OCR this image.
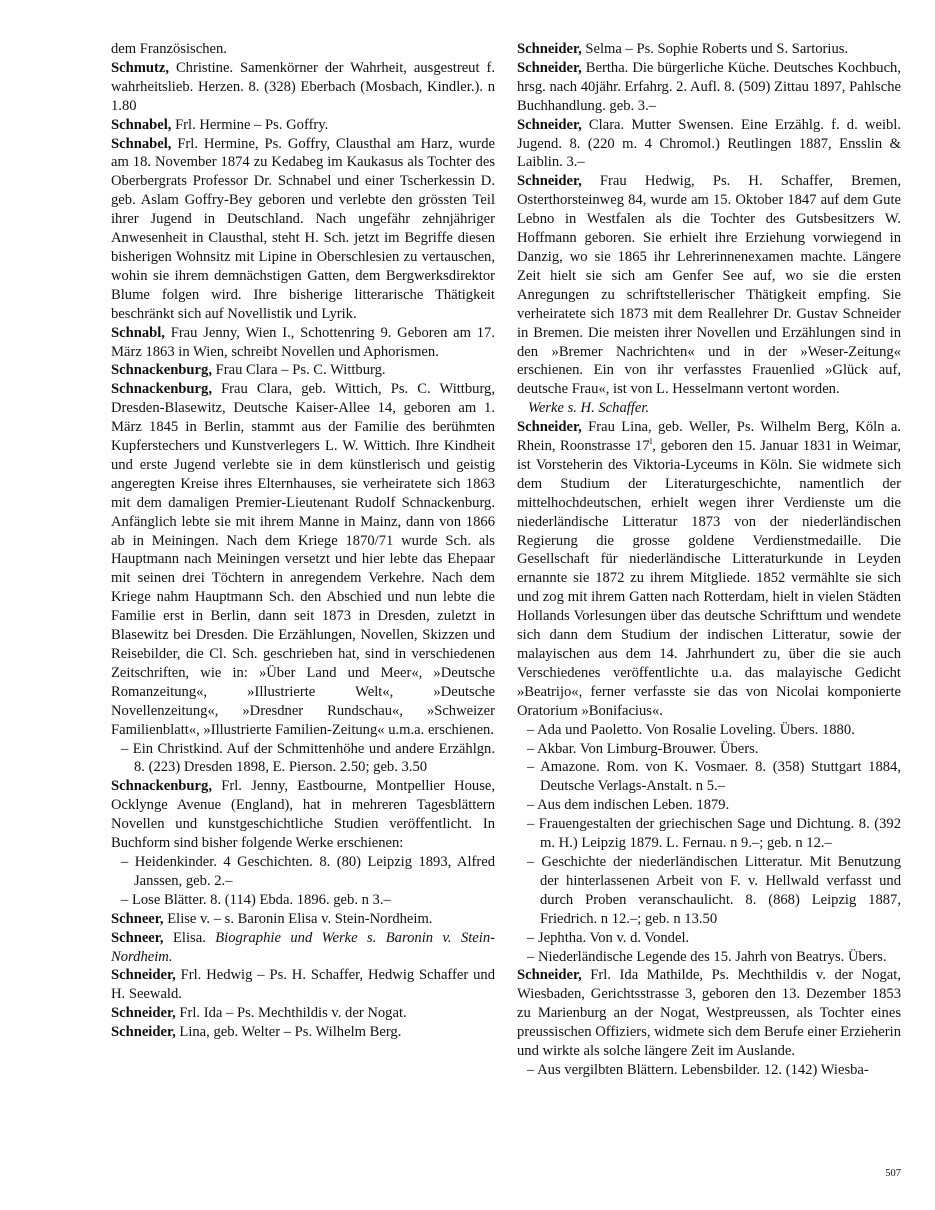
dem Französischen.

Schmutz, Christine. Samenkörner der Wahrheit, ausgestreut f. wahrheitslieb. Herzen. 8. (328) Eberbach (Mosbach, Kindler.). n 1.80

Schnabel, Frl. Hermine – Ps. Goffry.

Schnabel, Frl. Hermine, Ps. Goffry, Clausthal am Harz, wurde am 18. November 1874 zu Kedabeg im Kaukasus als Tochter des Oberbergrats Professor Dr. Schnabel und einer Tscherkessin D. geb. Aslam Goffry-Bey geboren und verlebte den grössten Teil ihrer Jugend in Deutschland. Nach ungefähr zehnjähriger Anwesenheit in Clausthal, steht H. Sch. jetzt im Begriffe diesen bisherigen Wohnsitz mit Lipine in Oberschlesien zu vertauschen, wohin sie ihrem demnächstigen Gatten, dem Bergwerksdirektor Blume folgen wird. Ihre bisherige litterarische Thätigkeit beschränkt sich auf Novellistik und Lyrik.

Schnabl, Frau Jenny, Wien I., Schottenring 9. Geboren am 17. März 1863 in Wien, schreibt Novellen und Aphorismen.

Schnackenburg, Frau Clara – Ps. C. Wittburg.

Schnackenburg, Frau Clara, geb. Wittich, Ps. C. Wittburg, Dresden-Blasewitz, Deutsche Kaiser-Allee 14, geboren am 1. März 1845 in Berlin, stammt aus der Familie des berühmten Kupferstechers und Kunstverlegers L. W. Wittich. Ihre Kindheit und erste Jugend verlebte sie in dem künstlerisch und geistig angeregten Kreise ihres Elternhauses, sie verheiratete sich 1863 mit dem damaligen Premier-Lieutenant Rudolf Schnackenburg. Anfänglich lebte sie mit ihrem Manne in Mainz, dann von 1866 ab in Meiningen. Nach dem Kriege 1870/71 wurde Sch. als Hauptmann nach Meiningen versetzt und hier lebte das Ehepaar mit seinen drei Töchtern in anregendem Verkehre. Nach dem Kriege nahm Hauptmann Sch. den Abschied und nun lebte die Familie erst in Berlin, dann seit 1873 in Dresden, zuletzt in Blasewitz bei Dresden. Die Erzählungen, Novellen, Skizzen und Reisebilder, die Cl. Sch. geschrieben hat, sind in verschiedenen Zeitschriften, wie in: »Über Land und Meer«, »Deutsche Romanzeitung«, »Illustrierte Welt«, »Deutsche Novellenzeitung«, »Dresdner Rundschau«, »Schweizer Familienblatt«, »Illustrierte Familien-Zeitung« u.m.a. erschienen.

– Ein Christkind. Auf der Schmittenhöhe und andere Erzählgn. 8. (223) Dresden 1898, E. Pierson. 2.50; geb. 3.50

Schnackenburg, Frl. Jenny, Eastbourne, Montpellier House, Ocklynge Avenue (England), hat in mehreren Tagesblättern Novellen und kunstgeschichtliche Studien veröffentlicht. In Buchform sind bisher folgende Werke erschienen:

– Heidenkinder. 4 Geschichten. 8. (80) Leipzig 1893, Alfred Janssen, geb. 2.–

– Lose Blätter. 8. (114) Ebda. 1896. geb. n 3.–

Schneer, Elise v. – s. Baronin Elisa v. Stein-Nordheim.

Schneer, Elisa. Biographie und Werke s. Baronin v. Stein-Nordheim.

Schneider, Frl. Hedwig – Ps. H. Schaffer, Hedwig Schaffer und H. Seewald.

Schneider, Frl. Ida – Ps. Mechthildis v. der Nogat.

Schneider, Lina, geb. Welter – Ps. Wilhelm Berg.

Schneider, Selma – Ps. Sophie Roberts und S. Sartorius.

Schneider, Bertha. Die bürgerliche Küche. Deutsches Kochbuch, hrsg. nach 40jähr. Erfahrg. 2. Aufl. 8. (509) Zittau 1897, Pahlsche Buchhandlung. geb. 3.–

Schneider, Clara. Mutter Swensen. Eine Erzählg. f. d. weibl. Jugend. 8. (220 m. 4 Chromol.) Reutlingen 1887, Ensslin & Laiblin. 3.–

Schneider, Frau Hedwig, Ps. H. Schaffer, Bremen, Osterthorsteinweg 84, wurde am 15. Oktober 1847 auf dem Gute Lebno in Westfalen als die Tochter des Gutsbesitzers W. Hoffmann geboren. Sie erhielt ihre Erziehung vorwiegend in Danzig, wo sie 1865 ihr Lehrerinnenexamen machte. Längere Zeit hielt sie sich am Genfer See auf, wo sie die ersten Anregungen zu schriftstellerischer Thätigkeit empfing. Sie verheiratete sich 1873 mit dem Reallehrer Dr. Gustav Schneider in Bremen. Die meisten ihrer Novellen und Erzählungen sind in den »Bremer Nachrichten« und in der »Weser-Zeitung« erschienen. Ein von ihr verfasstes Frauenlied »Glück auf, deutsche Frau«, ist von L. Hesselmann vertont worden.

Werke s. H. Schaffer.

Schneider, Frau Lina, geb. Weller, Ps. Wilhelm Berg, Köln a. Rhein, Roonstrasse $17^I$, geboren den 15. Januar 1831 in Weimar, ist Vorsteherin des Viktoria-Lyceums in Köln. Sie widmete sich dem Studium der Literaturgeschichte, namentlich der mittelhochdeutschen, erhielt wegen ihrer Verdienste um die niederländische Litteratur 1873 von der niederländischen Regierung die grosse goldene Verdienstmedaille. Die Gesellschaft für niederländische Litteraturkunde in Leyden ernannte sie 1872 zu ihrem Mitgliede. 1852 vermählte sie sich und zog mit ihrem Gatten nach Rotterdam, hielt in vielen Städten Hollands Vorlesungen über das deutsche Schrifttum und wendete sich dann dem Studium der indischen Litteratur, sowie der malayischen aus dem 14. Jahrhundert zu, über die sie auch Verschiedenes veröffentlichte u.a. das malayische Gedicht »Beatrijo«, ferner verfasste sie das von Nicolai komponierte Oratorium »Bonifacius«.

– Ada und Paoletto. Von Rosalie Loveling. Übers. 1880.

– Akbar. Von Limburg-Brouwer. Übers.

– Amazone. Rom. von K. Vosmaer. 8. (358) Stuttgart 1884, Deutsche Verlags-Anstalt. n 5.–

– Aus dem indischen Leben. 1879.

– Frauengestalten der griechischen Sage und Dichtung. 8. (392 m. H.) Leipzig 1879. L. Fernau. n 9.–; geb. n 12.–

– Geschichte der niederländischen Litteratur. Mit Benutzung der hinterlassenen Arbeit von F. v. Hellwald verfasst und durch Proben veranschaulicht. 8. (868) Leipzig 1887, Friedrich. n 12.–; geb. n 13.50

– Jephtha. Von v. d. Vondel.

– Niederländische Legende des 15. Jahrh von Beatrys. Übers.

Schneider, Frl. Ida Mathilde, Ps. Mechthildis v. der Nogat, Wiesbaden, Gerichtsstrasse 3, geboren den 13. Dezember 1853 zu Marienburg an der Nogat, Westpreussen, als Tochter eines preussischen Offiziers, widmete sich dem Berufe einer Erzieherin und wirkte als solche längere Zeit im Auslande.

– Aus vergilbten Blättern. Lebensbilder. 12. (142) Wiesba-

507
